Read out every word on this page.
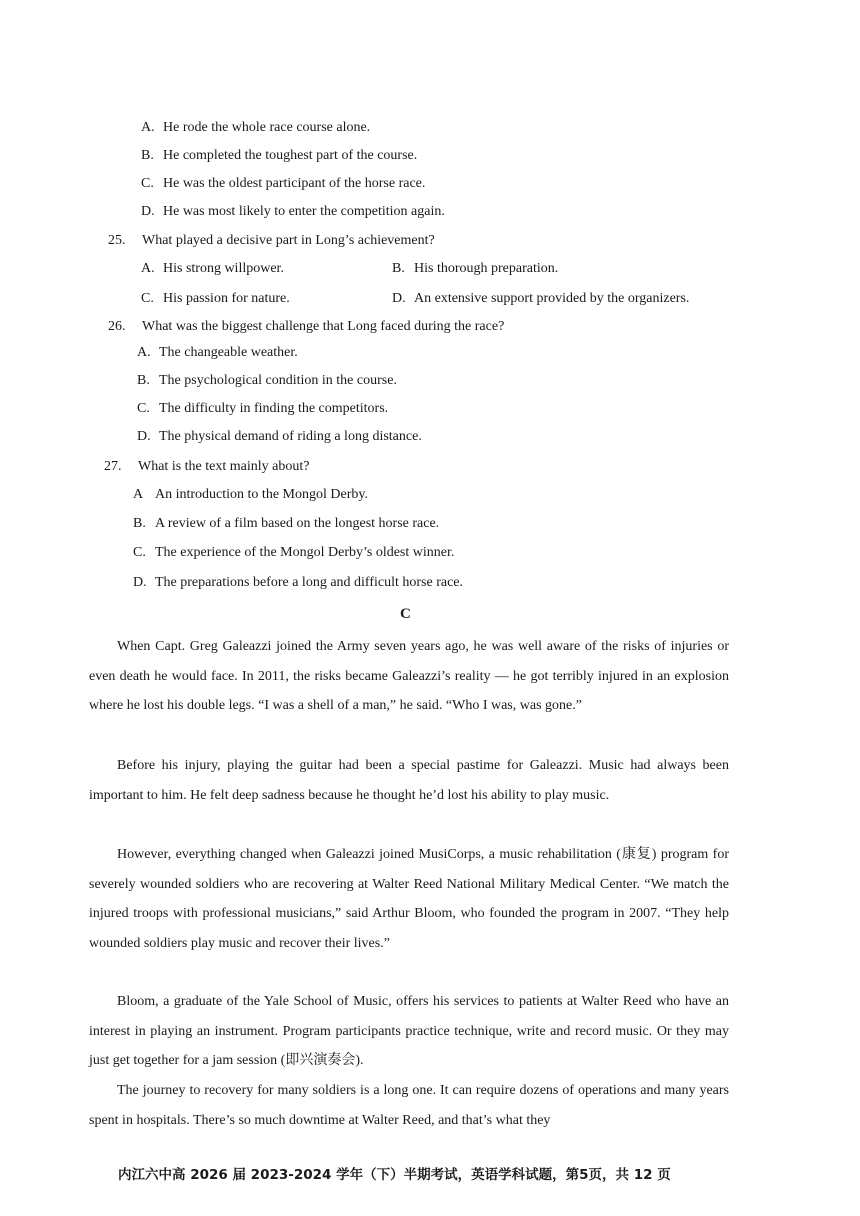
A. He rode the whole race course alone.
B. He completed the toughest part of the course.
C. He was the oldest participant of the horse race.
D. He was most likely to enter the competition again.
25. What played a decisive part in Long’s achievement?
A. His strong willpower.	B. His thorough preparation.
C. His passion for nature.	D. An extensive support provided by the organizers.
26. What was the biggest challenge that Long faced during the race?
A. The changeable weather.
B. The psychological condition in the course.
C. The difficulty in finding the competitors.
D. The physical demand of riding a long distance.
27. What is the text mainly about?
A An introduction to the Mongol Derby.
B. A review of a film based on the longest horse race.
C. The experience of the Mongol Derby’s oldest winner.
D. The preparations before a long and difficult horse race.
C
When Capt. Greg Galeazzi joined the Army seven years ago, he was well aware of the risks of injuries or even death he would face. In 2011, the risks became Galeazzi’s reality — he got terribly injured in an explosion where he lost his double legs. “I was a shell of a man,” he said. “Who I was, was gone.”
Before his injury, playing the guitar had been a special pastime for Galeazzi. Music had always been important to him. He felt deep sadness because he thought he’d lost his ability to play music.
However, everything changed when Galeazzi joined MusiCorps, a music rehabilitation (康复) program for severely wounded soldiers who are recovering at Walter Reed National Military Medical Center. “We match the injured troops with professional musicians,” said Arthur Bloom, who founded the program in 2007. “They help wounded soldiers play music and recover their lives.”
Bloom, a graduate of the Yale School of Music, offers his services to patients at Walter Reed who have an interest in playing an instrument. Program participants practice technique, write and record music. Or they may just get together for a jam session (即兴演奏会).
The journey to recovery for many soldiers is a long one. It can require dozens of operations and many years spent in hospitals. There’s so much downtime at Walter Reed, and that’s what they
内江六中高 2026 届 2023-2024 学年（下）半期考试，英语学科试题，第5页，共 12 页
